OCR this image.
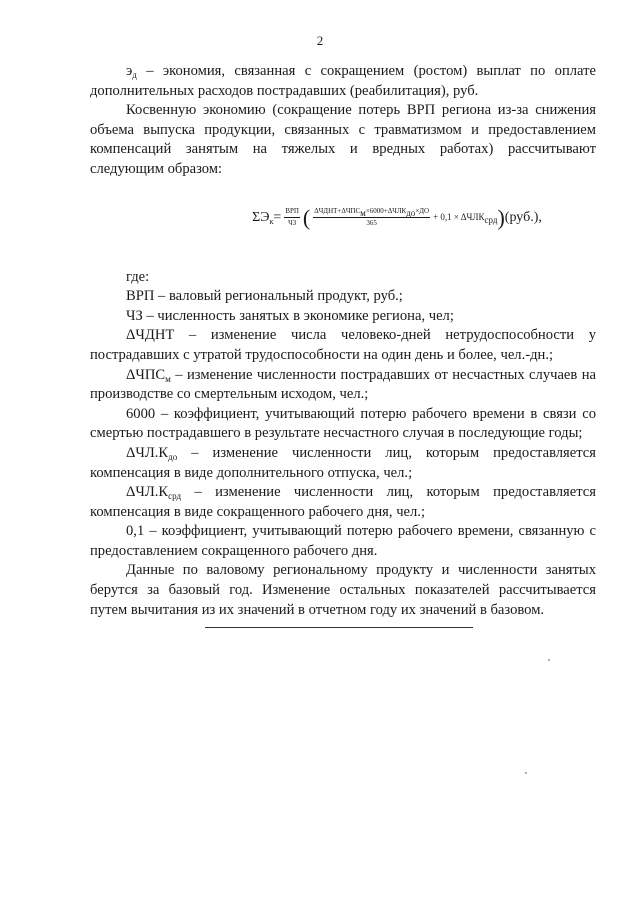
2

$э_д$ – экономия, связанная с сокращением (ростом) выплат по оплате дополнительных расходов пострадавших (реабилитация), руб.

Косвенную экономию (сокращение потерь ВРП региона из-за снижения объема выпуска продукции, связанных с травматизмом и предоставлением компенсаций занятым на тяжелых и вредных работах) рассчитывают следующим образом:

$\Sigma Э_к = \frac{\text{ВРП}}{ЧЗ}$ ( $\frac{\Delta ЧДНТ+\Delta ЧПС_м\times 6000+\Delta ЧЛК_{до}\times ДО}{365} + 0,1 \times \Delta ЧЛК_{срд}$ ) (руб.),

где:

ВРП – валовый региональный продукт, руб.;

ЧЗ – численность занятых в экономике региона, чел;

ΔЧДНТ – изменение числа человеко-дней нетрудоспособности у пострадавших с утратой трудоспособности на один день и более, чел.-дн.;

$\Delta ЧПС_м$ – изменение численности пострадавших от несчастных случаев на производстве со смертельным исходом, чел.;

6000 – коэффициент, учитывающий потерю рабочего времени в связи со смертью пострадавшего в результате несчастного случая в последующие годы;

$\Delta ЧЛ.К_{до}$ – изменение численности лиц, которым предоставляется компенсация в виде дополнительного отпуска, чел.;

$\Delta ЧЛ.К_{срд}$ – изменение численности лиц, которым предоставляется компенсация в виде сокращенного рабочего дня, чел.;

0,1 – коэффициент, учитывающий потерю рабочего времени, связанную с предоставлением сокращенного рабочего дня.

Данные по валовому региональному продукту и численности занятых берутся за базовый год. Изменение остальных показателей рассчитывается путем вычитания из их значений в отчетном году их значений в базовом.
